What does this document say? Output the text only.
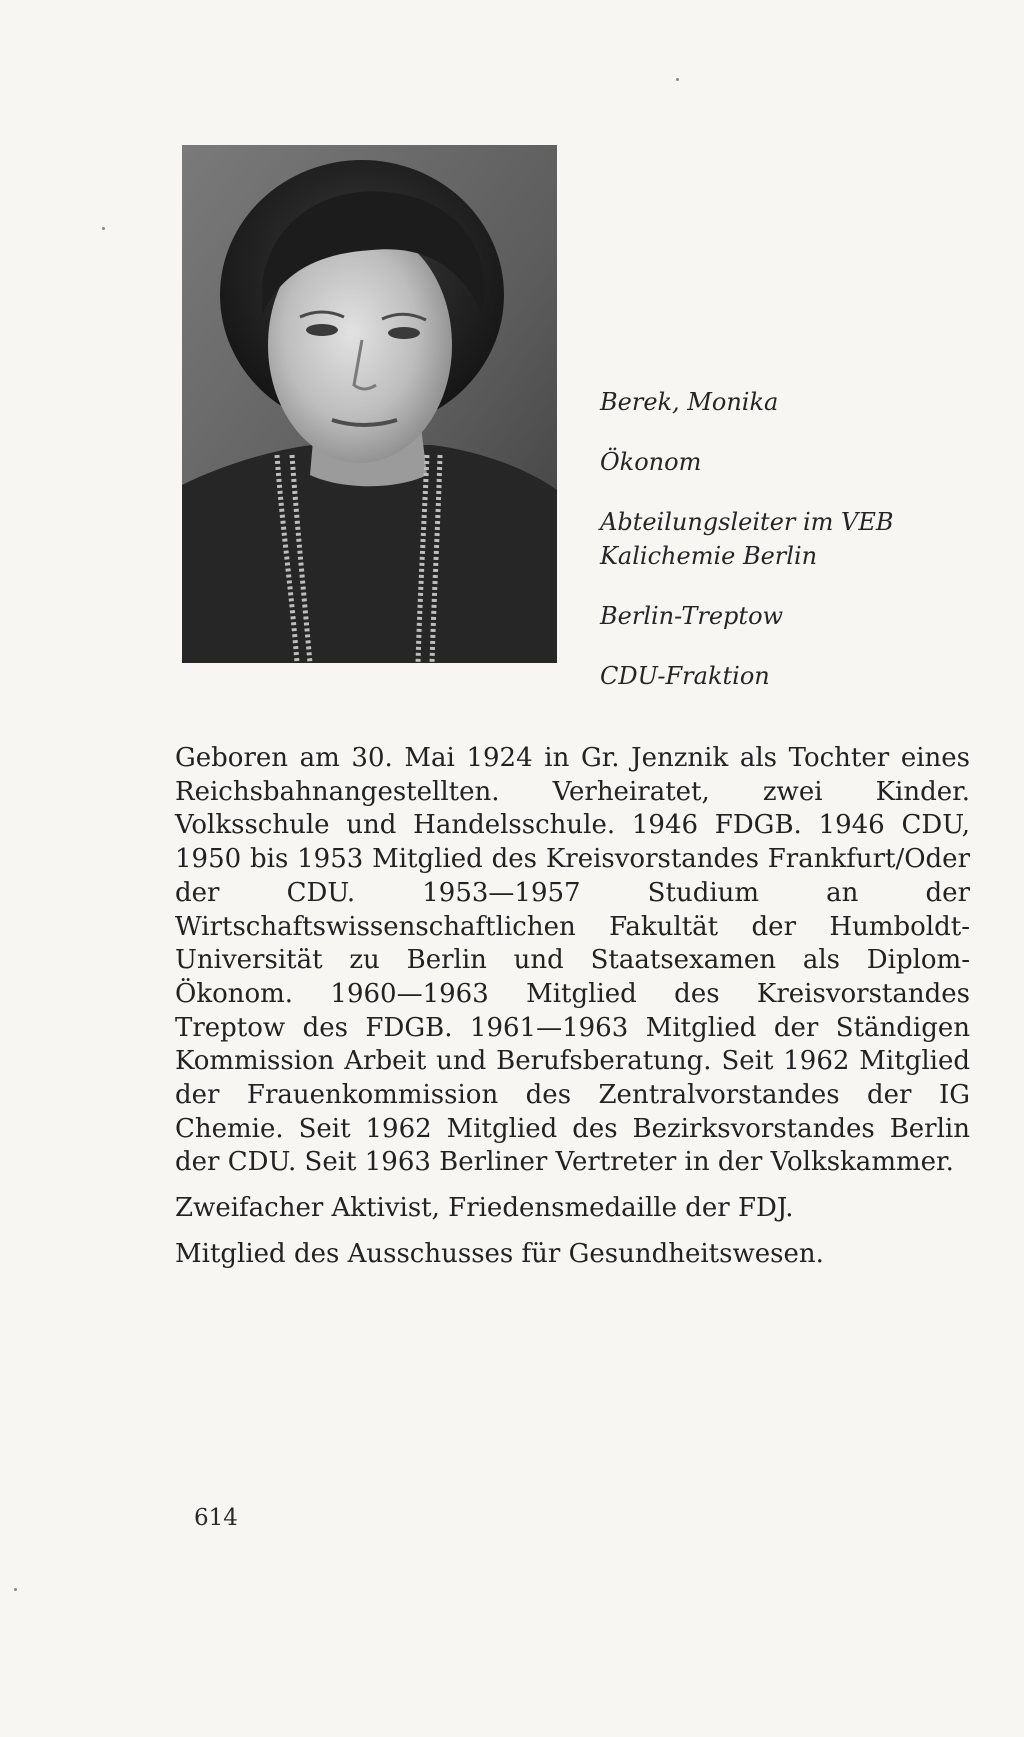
Berek, Monika
Ökonom
Abteilungsleiter im VEB
Kalichemie Berlin
Berlin-Treptow
CDU-Fraktion

Geboren am 30. Mai 1924 in Gr. Jenznik als Tochter eines Reichsbahnangestellten. Verheiratet, zwei Kinder. Volksschule und Handelsschule. 1946 FDGB. 1946 CDU, 1950 bis 1953 Mitglied des Kreisvorstandes Frankfurt/Oder der CDU. 1953—1957 Studium an der Wirtschaftswissenschaftlichen Fakultät der Humboldt-Universität zu Berlin und Staatsexamen als Diplom-Ökonom. 1960—1963 Mitglied des Kreisvorstandes Treptow des FDGB. 1961—1963 Mitglied der Ständigen Kommission Arbeit und Berufsberatung. Seit 1962 Mitglied der Frauenkommission des Zentralvorstandes der IG Chemie. Seit 1962 Mitglied des Bezirksvorstandes Berlin der CDU. Seit 1963 Berliner Vertreter in der Volkskammer.

Zweifacher Aktivist, Friedensmedaille der FDJ.

Mitglied des Ausschusses für Gesundheitswesen.

614
